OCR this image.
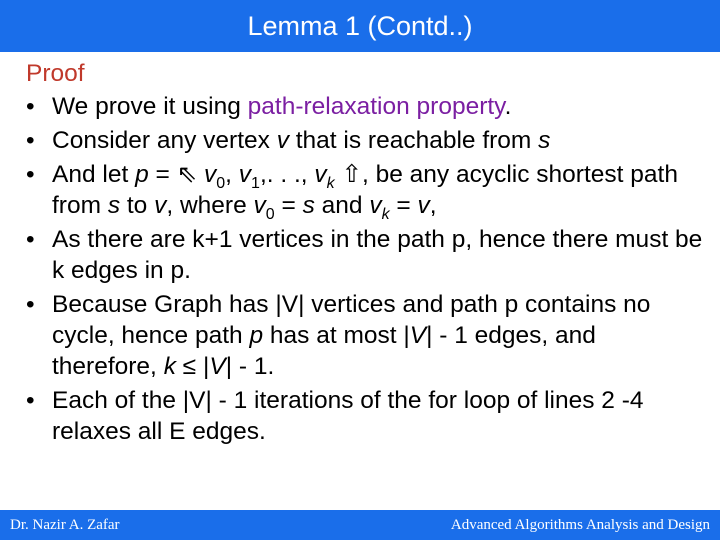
Lemma 1 (Contd..)
Proof
• We prove it using path-relaxation property.
• Consider any vertex v that is reachable from s
• And let p = ⇖ $v_0$, $v_1$,. . ., $v_k$ ⇧, be any acyclic shortest path from s to v, where $v_0 = s$ and $v_k = v$,
• As there are k+1 vertices in the path p, hence there must be k edges in p.
• Because Graph has |V| vertices and path p contains no cycle, hence path p has at most |V| - 1 edges, and therefore, k ≤ |V| - 1.
• Each of the |V| - 1 iterations of the for loop of lines 2 -4 relaxes all E edges.
Dr. Nazir A. Zafar	Advanced Algorithms Analysis and Design
